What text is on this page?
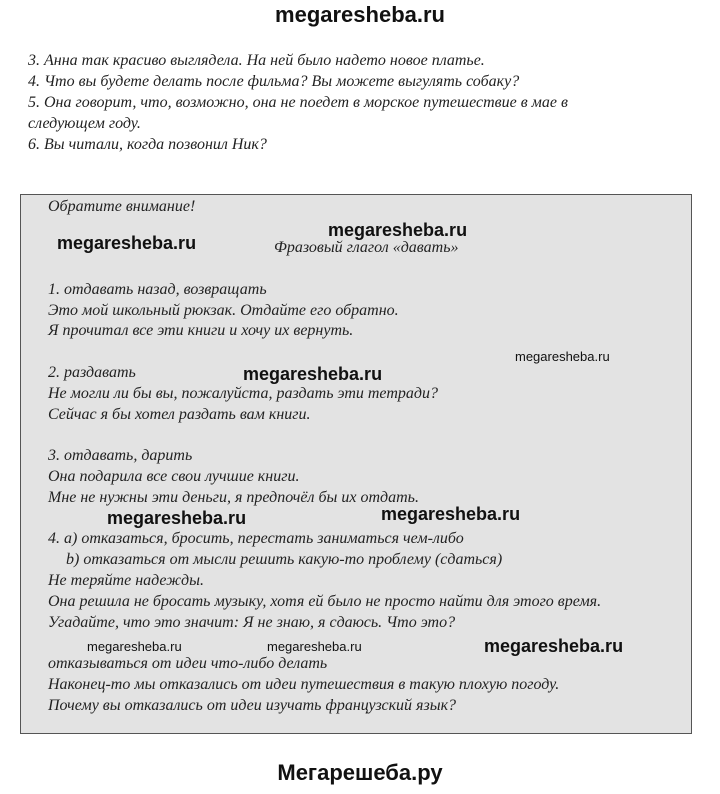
megaresheba.ru
3. Анна так красиво выглядела. На ней было надето новое платье.
4. Что вы будете делать после фильма? Вы можете выгулять собаку?
5. Она говорит, что, возможно, она не поедет в морское путешествие в мае в
следующем году.
6. Вы читали, когда позвонил Ник?
Обратите внимание!
Фразовый глагол «давать»
1. отдавать назад, возвращать
Это мой школьный рюкзак. Отдайте его обратно.
Я прочитал все эти книги и хочу их вернуть.
2. раздавать
Не могли ли бы вы, пожалуйста, раздать эти тетради?
Сейчас я бы хотел раздать вам книги.
3. отдавать, дарить
Она подарила все свои лучшие книги.
Мне не нужны эти деньги, я предпочёл бы их отдать.
4. a) отказаться, бросить, перестать заниматься чем-либо
b) отказаться от мысли решить какую-то проблему (сдаться)
Не теряйте надежды.
Она решила не бросать музыку, хотя ей было не просто найти для этого время.
Угадайте, что это значит: Я не знаю, я сдаюсь. Что это?
отказываться от идеи что-либо делать
Наконец-то мы отказались от идеи путешествия в такую плохую погоду.
Почему вы отказались от идеи изучать французский язык?
megaresheba.ru
megaresheba.ru
megaresheba.ru
megaresheba.ru
megaresheba.ru	megaresheba.ru
megaresheba.ru	megaresheba.ru	megaresheba.ru
Мегарешеба.ру
